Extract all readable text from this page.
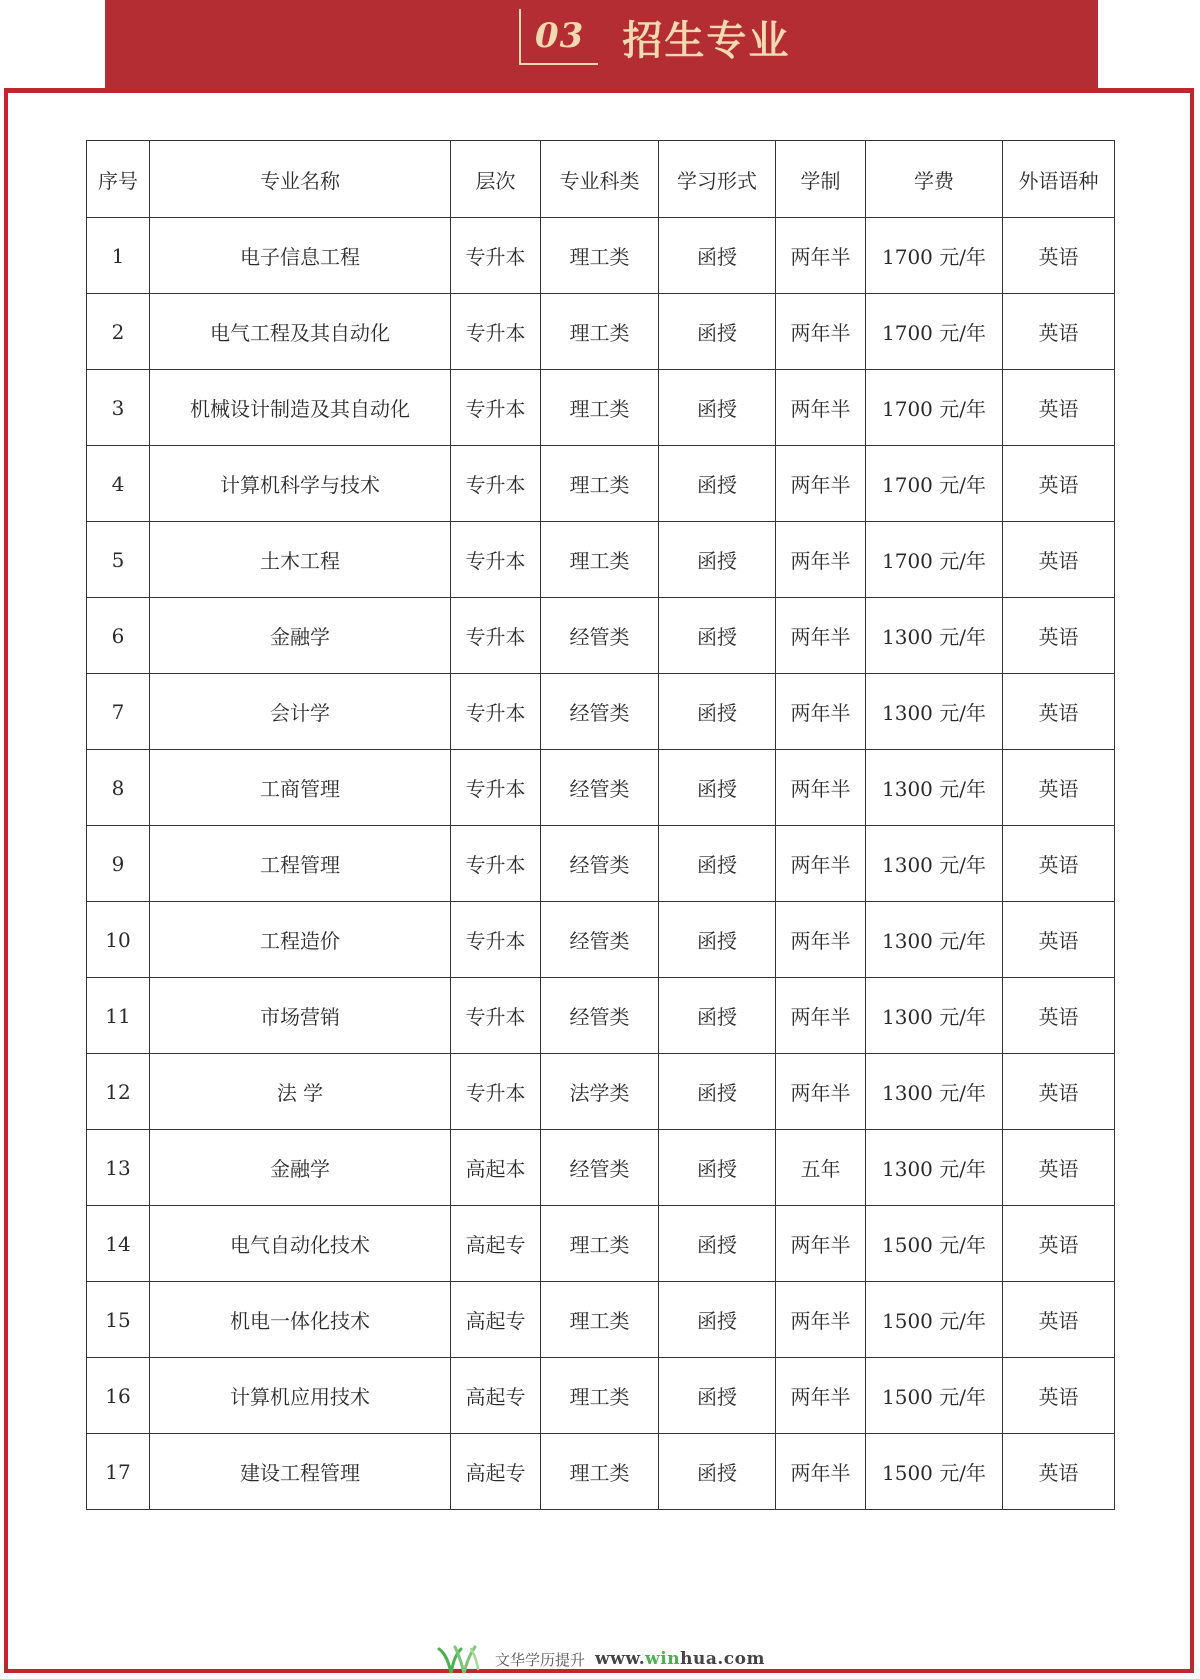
03 招生专业
序号	专业名称	层次	专业科类	学习形式	学制	学费	外语语种
1	电子信息工程	专升本	理工类	函授	两年半	1700 元/年	英语
2	电气工程及其自动化	专升本	理工类	函授	两年半	1700 元/年	英语
3	机械设计制造及其自动化	专升本	理工类	函授	两年半	1700 元/年	英语
4	计算机科学与技术	专升本	理工类	函授	两年半	1700 元/年	英语
5	土木工程	专升本	理工类	函授	两年半	1700 元/年	英语
6	金融学	专升本	经管类	函授	两年半	1300 元/年	英语
7	会计学	专升本	经管类	函授	两年半	1300 元/年	英语
8	工商管理	专升本	经管类	函授	两年半	1300 元/年	英语
9	工程管理	专升本	经管类	函授	两年半	1300 元/年	英语
10	工程造价	专升本	经管类	函授	两年半	1300 元/年	英语
11	市场营销	专升本	经管类	函授	两年半	1300 元/年	英语
12	法 学	专升本	法学类	函授	两年半	1300 元/年	英语
13	金融学	高起本	经管类	函授	五年	1300 元/年	英语
14	电气自动化技术	高起专	理工类	函授	两年半	1500 元/年	英语
15	机电一体化技术	高起专	理工类	函授	两年半	1500 元/年	英语
16	计算机应用技术	高起专	理工类	函授	两年半	1500 元/年	英语
17	建设工程管理	高起专	理工类	函授	两年半	1500 元/年	英语
文华学历提升 www.winhua.com
